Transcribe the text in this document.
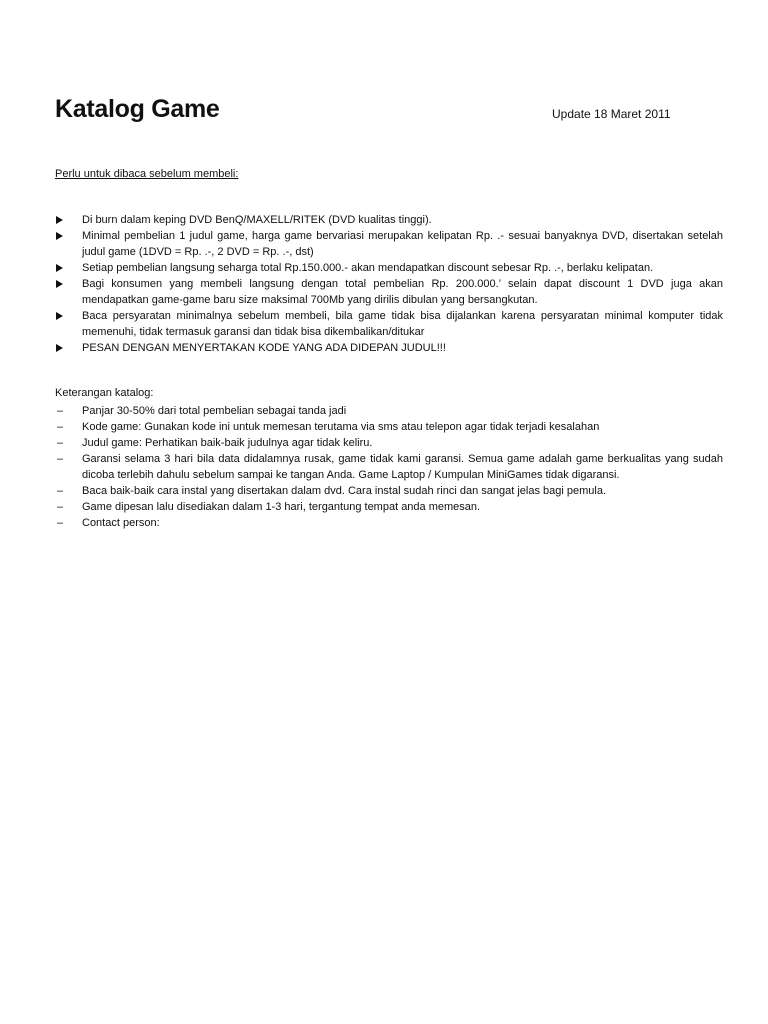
Katalog Game	Update 18 Maret 2011
Perlu untuk dibaca sebelum membeli:
Di burn dalam keping DVD BenQ/MAXELL/RITEK (DVD kualitas tinggi).
Minimal pembelian 1 judul game, harga game bervariasi merupakan kelipatan Rp. .- sesuai banyaknya DVD, disertakan setelah judul game (1DVD = Rp. .-, 2 DVD = Rp. .-, dst)
Setiap pembelian langsung seharga total Rp.150.000.- akan mendapatkan discount sebesar Rp. .-, berlaku kelipatan.
Bagi konsumen yang membeli langsung dengan total pembelian Rp. 200.000.’ selain dapat discount 1 DVD juga akan mendapatkan game-game baru size maksimal 700Mb yang dirilis dibulan yang bersangkutan.
Baca persyaratan minimalnya sebelum membeli, bila game tidak bisa dijalankan karena persyaratan minimal komputer tidak memenuhi, tidak termasuk garansi dan tidak bisa dikembalikan/ditukar
PESAN DENGAN MENYERTAKAN KODE YANG ADA DIDEPAN JUDUL!!!
Keterangan katalog:
– Panjar 30-50% dari total pembelian sebagai tanda jadi
– Kode game: Gunakan kode ini untuk memesan terutama via sms atau telepon agar tidak terjadi kesalahan
– Judul game: Perhatikan baik-baik judulnya agar tidak keliru.
– Garansi selama 3 hari bila data didalamnya rusak, game tidak kami garansi. Semua game adalah game berkualitas yang sudah dicoba terlebih dahulu sebelum sampai ke tangan Anda. Game Laptop / Kumpulan MiniGames tidak digaransi.
– Baca baik-baik cara instal yang disertakan dalam dvd. Cara instal sudah rinci dan sangat jelas bagi pemula.
– Game dipesan lalu disediakan dalam 1-3 hari, tergantung tempat anda memesan.
– Contact person:
